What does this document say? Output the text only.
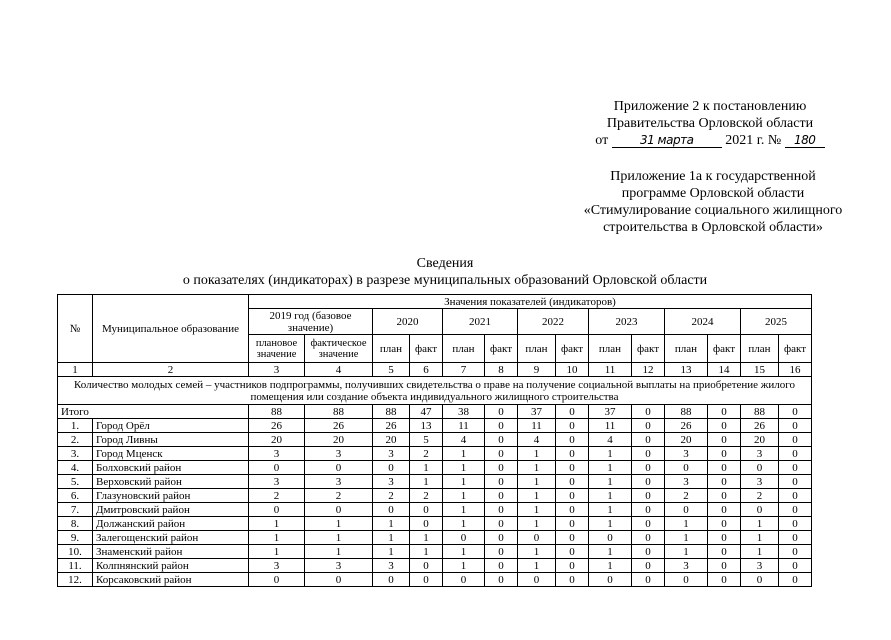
Приложение 2 к постановлению
Правительства Орловской области
от	31 марта 2021 г. № 180
Приложение 1а к государственной
программе Орловской области
«Стимулирование социального жилищного
строительства в Орловской области»
Сведения
о показателях (индикаторах) в разрезе муниципальных образований Орловской области
№	Муниципальное образование	Значения показателей (индикаторов)													
		2019 год (базовое значение)		2020		2021		2022		2023		2024		2025	
		плановое значение	фактическое значение	план	факт	план	факт	план	факт	план	факт	план	факт	план	факт
1	2	3	4	5	6	7	8	9	10	11	12	13	14	15	16

Количество молодых семей – участников подпрограммы, получивших свидетельства о праве на получение социальной выплаты на приобретение жилого
помещения или создание объекта индивидуального жилищного строительства															

Итого		88	88	88	47	38	0	37	0	37	0	88	0	88	0
1.	Город Орёл	26	26	26	13	11	0	11	0	11	0	26	0	26	0
2.	Город Ливны	20	20	20	5	4	0	4	0	4	0	20	0	20	0
3.	Город Мценск	3	3	3	2	1	0	1	0	1	0	3	0	3	0
4.	Болховский район	0	0	0	1	1	0	1	0	1	0	0	0	0	0
5.	Верховский район	3	3	3	1	1	0	1	0	1	0	3	0	3	0
6.	Глазуновский район	2	2	2	2	1	0	1	0	1	0	2	0	2	0
7.	Дмитровский район	0	0	0	0	1	0	1	0	1	0	0	0	0	0
8.	Должанский район	1	1	1	0	1	0	1	0	1	0	1	0	1	0
9.	Залегощенский район	1	1	1	1	0	0	0	0	0	0	1	0	1	0
10.	Знаменский район	1	1	1	1	1	0	1	0	1	0	1	0	1	0
11.	Колпнянский район	3	3	3	0	1	0	1	0	1	0	3	0	3	0
12.	Корсаковский район	0	0	0	0	0	0	0	0	0	0	0	0	0	0
